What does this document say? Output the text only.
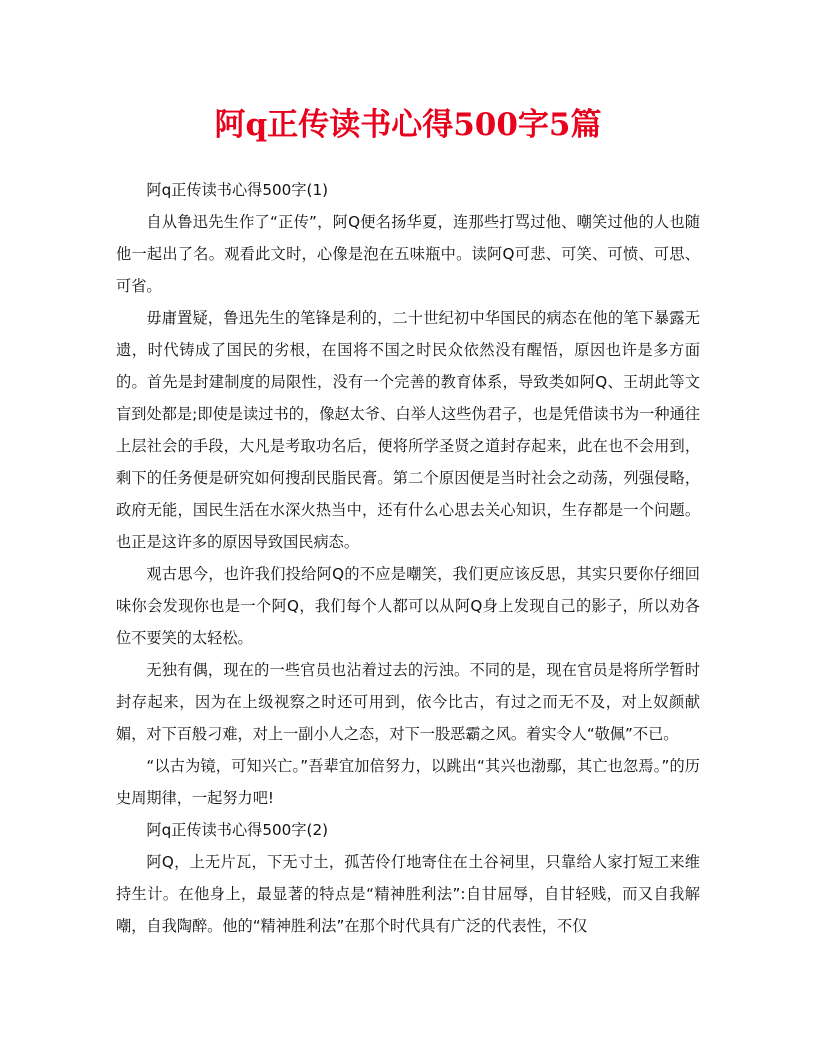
阿q正传读书心得500字5篇

阿q正传读书心得500字(1)

自从鲁迅先生作了“正传”，阿Q便名扬华夏，连那些打骂过他、嘲笑过他的人也随他一起出了名。观看此文时，心像是泡在五味瓶中。读阿Q可悲、可笑、可愤、可思、可省。

毋庸置疑，鲁迅先生的笔锋是利的，二十世纪初中华国民的病态在他的笔下暴露无遗，时代铸成了国民的劣根，在国将不国之时民众依然没有醒悟，原因也许是多方面的。首先是封建制度的局限性，没有一个完善的教育体系，导致类如阿Q、王胡此等文盲到处都是;即使是读过书的，像赵太爷、白举人这些伪君子，也是凭借读书为一种通往上层社会的手段，大凡是考取功名后，便将所学圣贤之道封存起来，此在也不会用到，剩下的任务便是研究如何搜刮民脂民膏。第二个原因便是当时社会之动荡，列强侵略，政府无能，国民生活在水深火热当中，还有什么心思去关心知识，生存都是一个问题。也正是这许多的原因导致国民病态。

观古思今，也许我们投给阿Q的不应是嘲笑，我们更应该反思，其实只要你仔细回味你会发现你也是一个阿Q，我们每个人都可以从阿Q身上发现自己的影子，所以劝各位不要笑的太轻松。

无独有偶，现在的一些官员也沾着过去的污浊。不同的是，现在官员是将所学暂时封存起来，因为在上级视察之时还可用到，依今比古，有过之而无不及，对上奴颜献媚，对下百般刁难，对上一副小人之态，对下一股恶霸之风。着实令人“敬佩”不已。

“以古为镜，可知兴亡。”吾辈宜加倍努力，以跳出“其兴也渤鄢，其亡也忽焉。”的历史周期律，一起努力吧!

阿q正传读书心得500字(2)

阿Q，上无片瓦，下无寸土，孤苦伶仃地寄住在土谷祠里，只靠给人家打短工来维持生计。在他身上，最显著的特点是“精神胜利法”:自甘屈辱，自甘轻贱，而又自我解嘲，自我陶醉。他的“精神胜利法”在那个时代具有广泛的代表性，不仅
